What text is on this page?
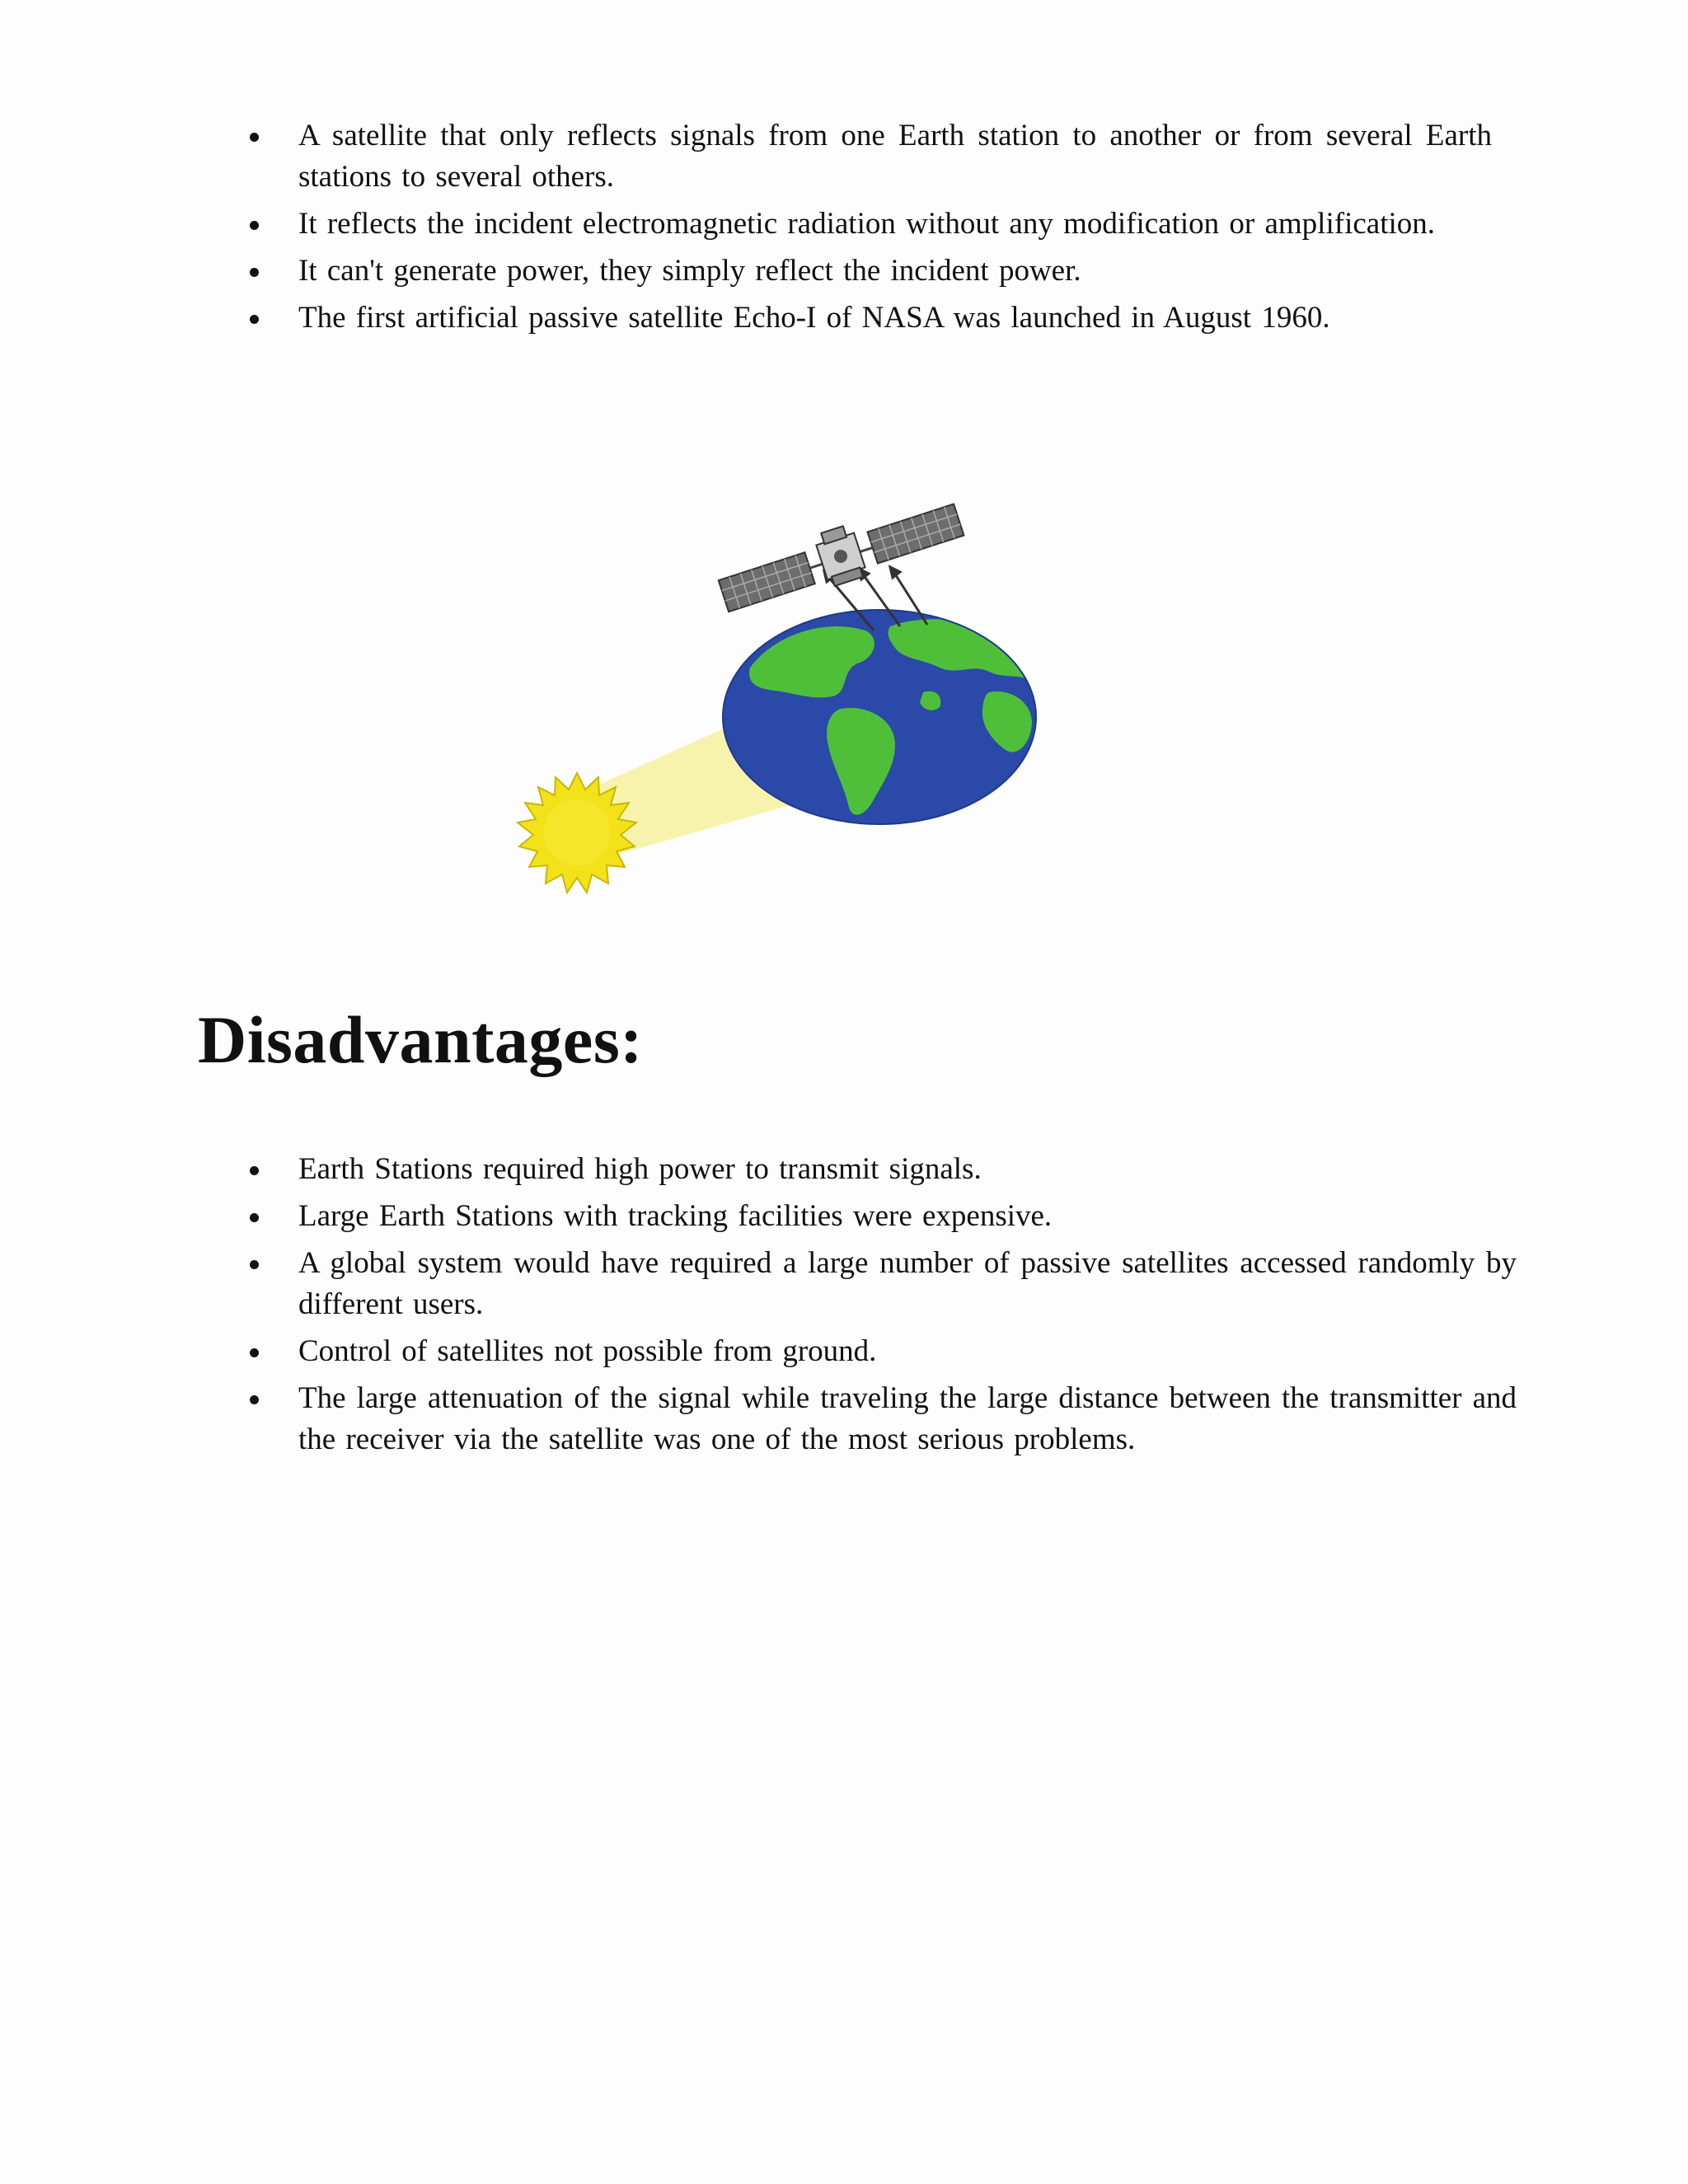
A satellite that only reflects signals from one Earth station to another or from several Earth stations to several others.
It reflects the incident electromagnetic radiation without any modification or amplification.
It can't generate power, they simply reflect the incident power.
The first artificial passive satellite Echo-I of NASA was launched in August 1960.
Disadvantages:
Earth Stations required high power to transmit signals.
Large Earth Stations with tracking facilities were expensive.
A global system would have required a large number of passive satellites accessed randomly by different users.
Control of satellites not possible from ground.
The large attenuation of the signal while traveling the large distance between the transmitter and the receiver via the satellite was one of the most serious problems.
